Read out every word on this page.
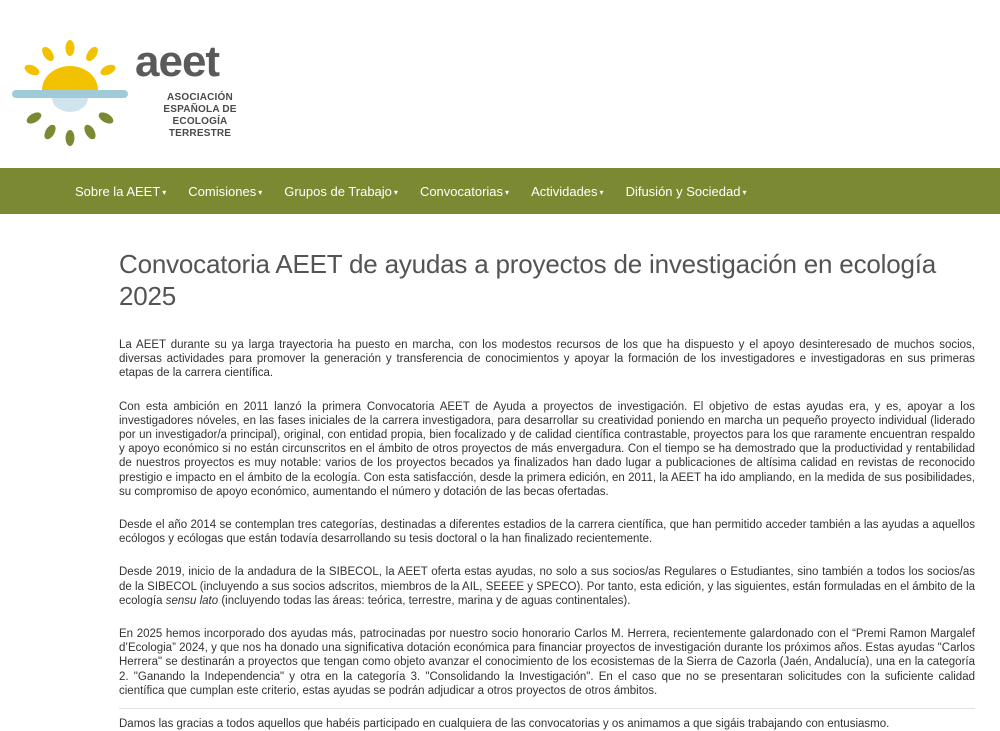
aeet
ASOCIACIÓN
ESPAÑOLA DE
ECOLOGÍA
TERRESTRE
Sobre la AEET ▾ Comisiones ▾ Grupos de Trabajo ▾ Convocatorias ▾ Actividades ▾ Difusión y Sociedad ▾
Convocatoria AEET de ayudas a proyectos de investigación en ecología 2025

La AEET durante su ya larga trayectoria ha puesto en marcha, con los modestos recursos de los que ha dispuesto y el apoyo desinteresado de muchos socios, diversas actividades para promover la generación y transferencia de conocimientos y apoyar la formación de los investigadores e investigadoras en sus primeras etapas de la carrera científica.

Con esta ambición en 2011 lanzó la primera Convocatoria AEET de Ayuda a proyectos de investigación. El objetivo de estas ayudas era, y es, apoyar a los investigadores nóveles, en las fases iniciales de la carrera investigadora, para desarrollar su creatividad poniendo en marcha un pequeño proyecto individual (liderado por un investigador/a principal), original, con entidad propia, bien focalizado y de calidad científica contrastable, proyectos para los que raramente encuentran respaldo y apoyo económico si no están circunscritos en el ámbito de otros proyectos de más envergadura. Con el tiempo se ha demostrado que la productividad y rentabilidad de nuestros proyectos es muy notable: varios de los proyectos becados ya finalizados han dado lugar a publicaciones de altísima calidad en revistas de reconocido prestigio e impacto en el ámbito de la ecología. Con esta satisfacción, desde la primera edición, en 2011, la AEET ha ido ampliando, en la medida de sus posibilidades, su compromiso de apoyo económico, aumentando el número y dotación de las becas ofertadas.

Desde el año 2014 se contemplan tres categorías, destinadas a diferentes estadios de la carrera científica, que han permitido acceder también a las ayudas a aquellos ecólogos y ecólogas que están todavía desarrollando su tesis doctoral o la han finalizado recientemente.

Desde 2019, inicio de la andadura de la SIBECOL, la AEET oferta estas ayudas, no solo a sus socios/as Regulares o Estudiantes, sino también a todos los socios/as de la SIBECOL (incluyendo a sus socios adscritos, miembros de la AIL, SEEEE y SPECO). Por tanto, esta edición, y las siguientes, están formuladas en el ámbito de la ecología sensu lato (incluyendo todas las áreas: teórica, terrestre, marina y de aguas continentales).

En 2025 hemos incorporado dos ayudas más, patrocinadas por nuestro socio honorario Carlos M. Herrera, recientemente galardonado con el “Premi Ramon Margalef d’Ecologia” 2024, y que nos ha donado una significativa dotación económica para financiar proyectos de investigación durante los próximos años. Estas ayudas "Carlos Herrera" se destinarán a proyectos que tengan como objeto avanzar el conocimiento de los ecosistemas de la Sierra de Cazorla (Jaén, Andalucía), una en la categoría 2. "Ganando la Independencia" y otra en la categoría 3. "Consolidando la Investigación". En el caso que no se presentaran solicitudes con la suficiente calidad científica que cumplan este criterio, estas ayudas se podrán adjudicar a otros proyectos de otros ámbitos.

Damos las gracias a todos aquellos que habéis participado en cualquiera de las convocatorias y os animamos a que sigáis trabajando con entusiasmo.
